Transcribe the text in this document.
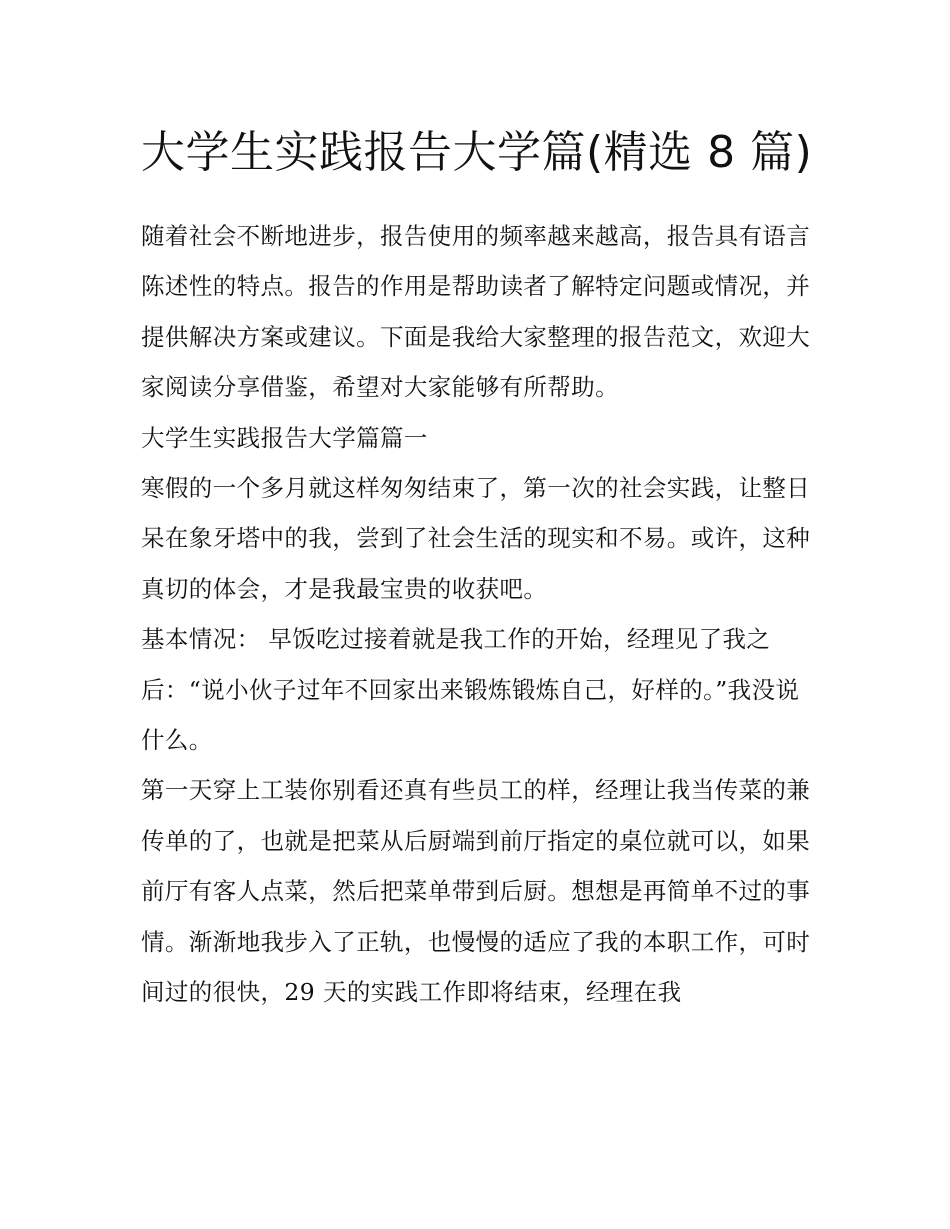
大学生实践报告大学篇(精选 8 篇)

随着社会不断地进步，报告使用的频率越来越高，报告具有语言陈述性的特点。报告的作用是帮助读者了解特定问题或情况，并提供解决方案或建议。下面是我给大家整理的报告范文，欢迎大家阅读分享借鉴，希望对大家能够有所帮助。

大学生实践报告大学篇篇一

寒假的一个多月就这样匆匆结束了，第一次的社会实践，让整日呆在象牙塔中的我，尝到了社会生活的现实和不易。或许，这种真切的体会，才是我最宝贵的收获吧。

基本情况： 早饭吃过接着就是我工作的开始，经理见了我之后：“说小伙子过年不回家出来锻炼锻炼自己，好样的。”我没说什么。

第一天穿上工装你别看还真有些员工的样，经理让我当传菜的兼传单的了，也就是把菜从后厨端到前厅指定的桌位就可以，如果前厅有客人点菜，然后把菜单带到后厨。想想是再简单不过的事情。渐渐地我步入了正轨，也慢慢的适应了我的本职工作，可时间过的很快，29 天的实践工作即将结束，经理在我
